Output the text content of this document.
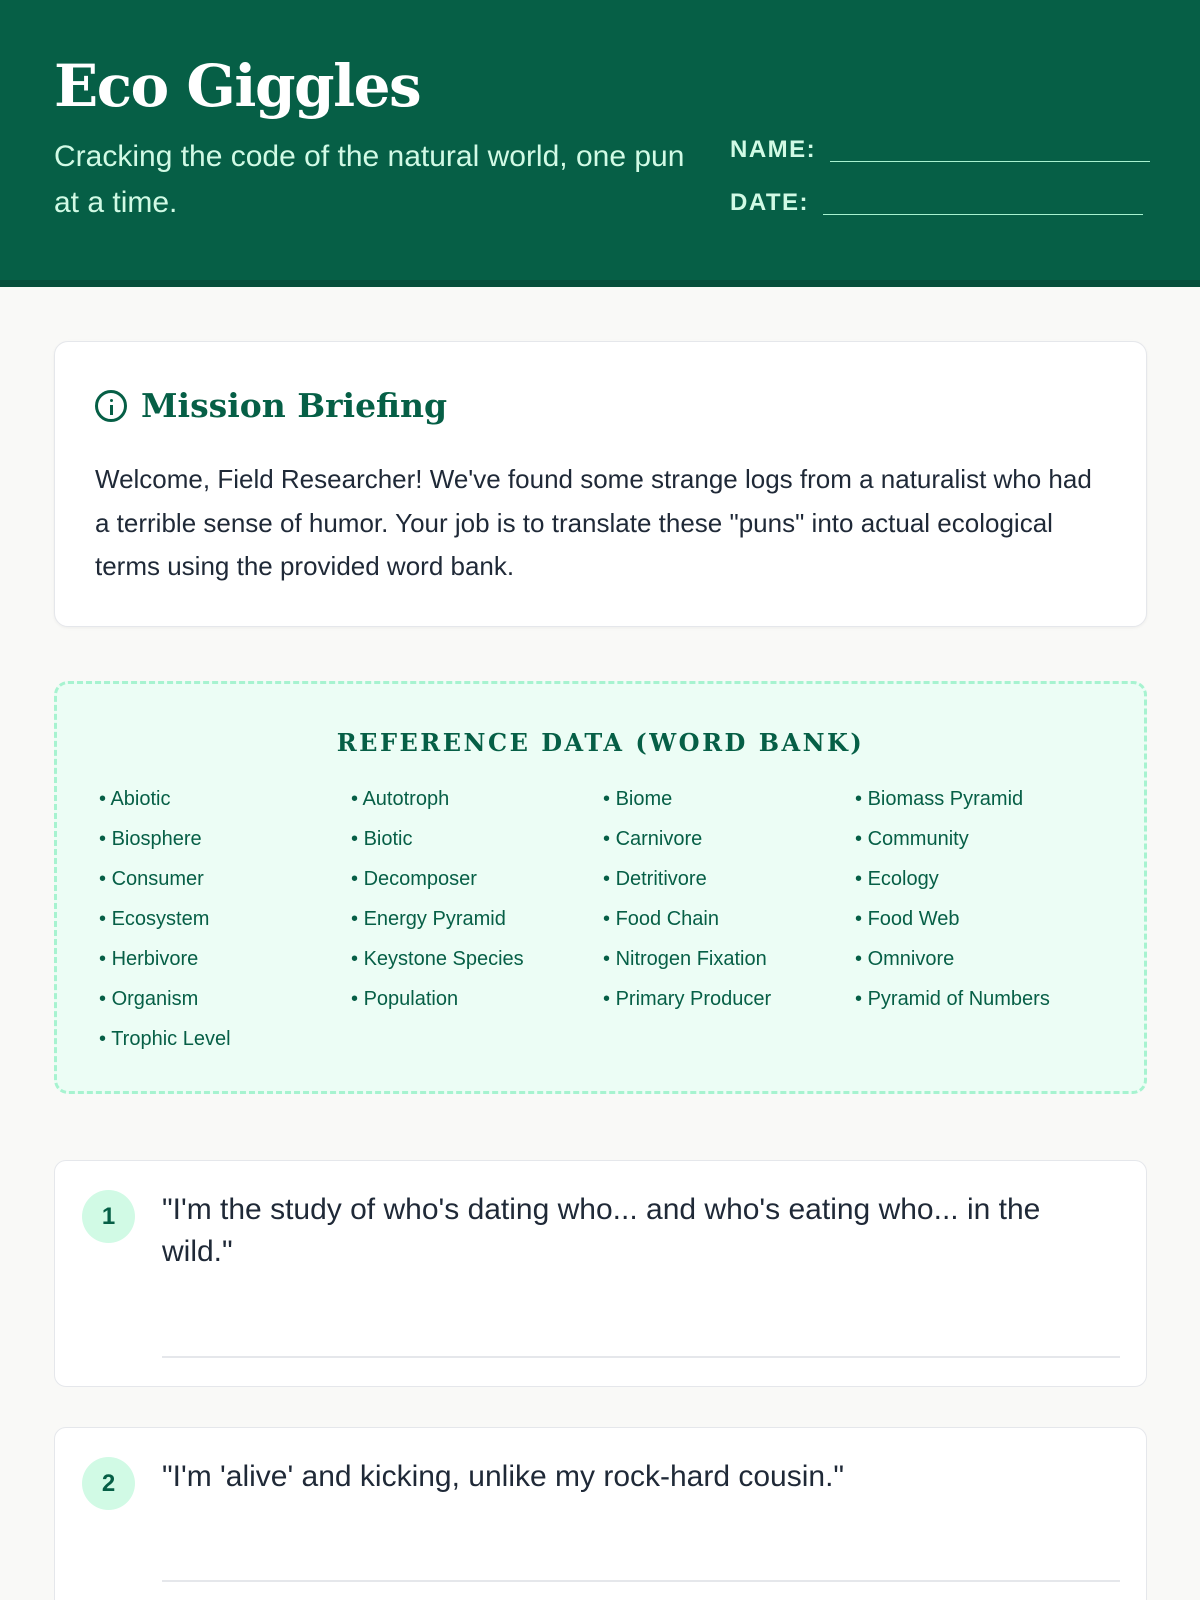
Eco Giggles

Cracking the code of the natural world, one pun at a time.

NAME:
DATE:
Mission Briefing

Welcome, Field Researcher! We've found some strange logs from a naturalist who had a terrible sense of humor. Your job is to translate these "puns" into actual ecological terms using the provided word bank.

REFERENCE DATA (WORD BANK)
• Abiotic	• Autotroph	• Biome	• Biomass Pyramid
• Biosphere	• Biotic	• Carnivore	• Community
• Consumer	• Decomposer	• Detritivore	• Ecology
• Ecosystem	• Energy Pyramid	• Food Chain	• Food Web
• Herbivore	• Keystone Species	• Nitrogen Fixation	• Omnivore
• Organism	• Population	• Primary Producer	• Pyramid of Numbers
• Trophic Level
1	"I'm the study of who's dating who... and who's eating who... in the wild."

2	"I'm 'alive' and kicking, unlike my rock-hard cousin."
